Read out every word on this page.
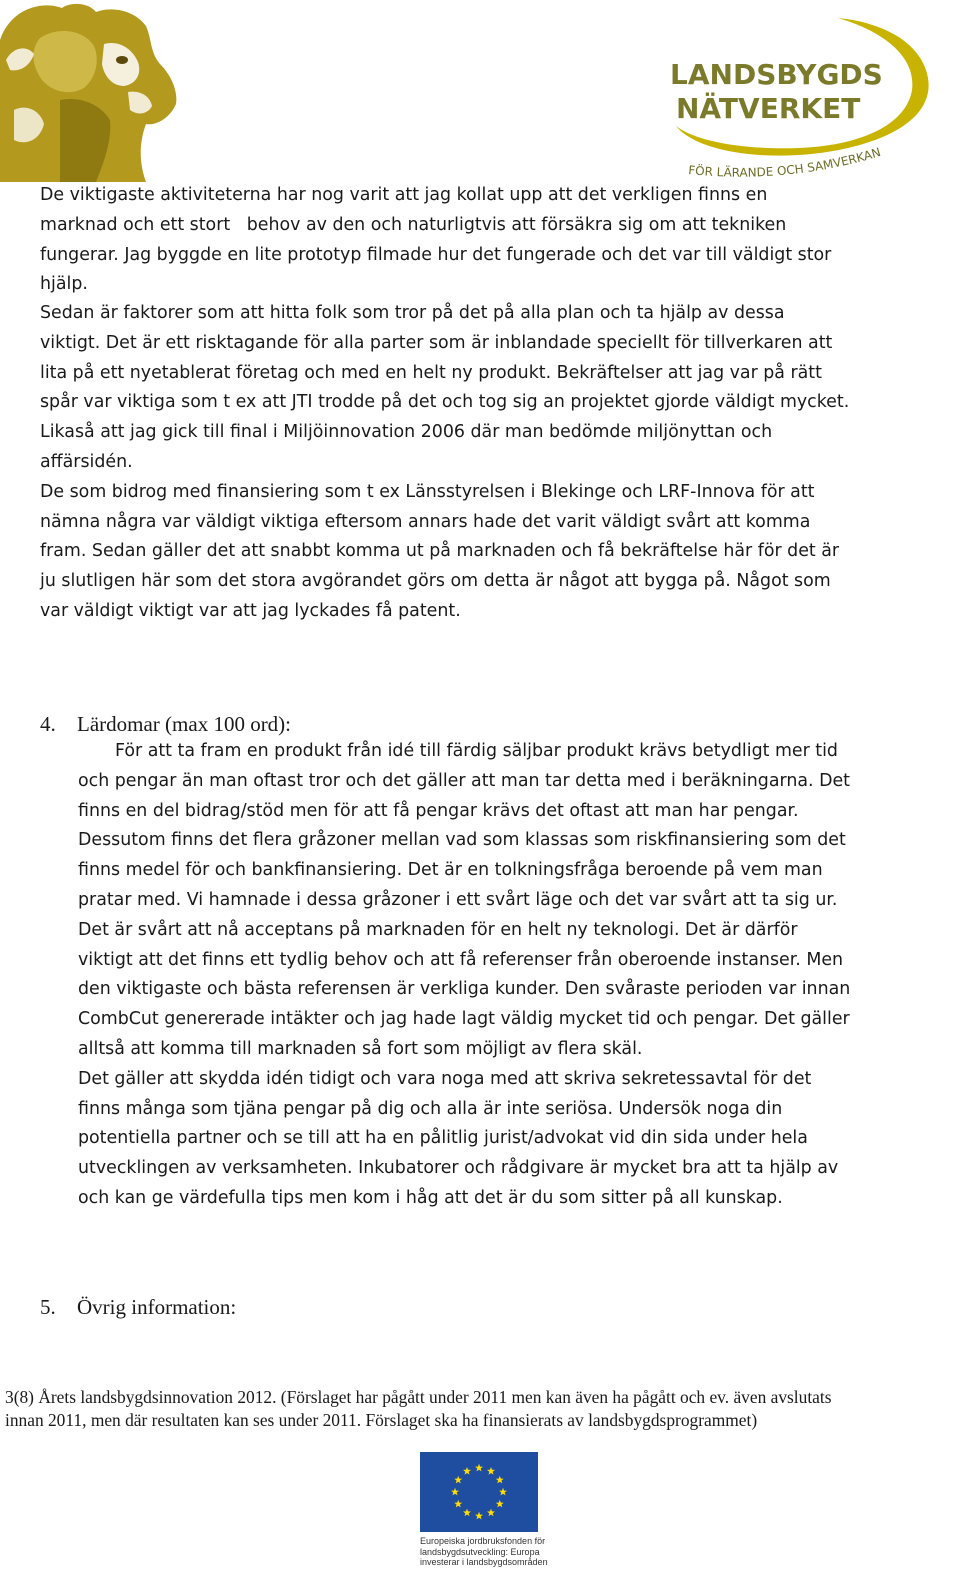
LANDSBYGDS
NÄTVERKET
FÖR LÄRANDE OCH SAMVERKAN
De viktigaste aktiviteterna har nog varit att jag kollat upp att det verkligen finns en
marknad och ett stort   behov av den och naturligtvis att försäkra sig om att tekniken
fungerar. Jag byggde en lite prototyp filmade hur det fungerade och det var till väldigt stor
hjälp.
Sedan är faktorer som att hitta folk som tror på det på alla plan och ta hjälp av dessa
viktigt. Det är ett risktagande för alla parter som är inblandade speciellt för tillverkaren att
lita på ett nyetablerat företag och med en helt ny produkt. Bekräftelser att jag var på rätt
spår var viktiga som t ex att JTI trodde på det och tog sig an projektet gjorde väldigt mycket.
Likaså att jag gick till final i Miljöinnovation 2006 där man bedömde miljönyttan och
affärsidén.
De som bidrog med finansiering som t ex Länsstyrelsen i Blekinge och LRF-Innova för att
nämna några var väldigt viktiga eftersom annars hade det varit väldigt svårt att komma
fram. Sedan gäller det att snabbt komma ut på marknaden och få bekräftelse här för det är
ju slutligen här som det stora avgörandet görs om detta är något att bygga på. Något som
var väldigt viktigt var att jag lyckades få patent.
4. Lärdomar (max 100 ord):
För att ta fram en produkt från idé till färdig säljbar produkt krävs betydligt mer tid
och pengar än man oftast tror och det gäller att man tar detta med i beräkningarna. Det
finns en del bidrag/stöd men för att få pengar krävs det oftast att man har pengar.
Dessutom finns det flera gråzoner mellan vad som klassas som riskfinansiering som det
finns medel för och bankfinansiering. Det är en tolkningsfråga beroende på vem man
pratar med. Vi hamnade i dessa gråzoner i ett svårt läge och det var svårt att ta sig ur.
Det är svårt att nå acceptans på marknaden för en helt ny teknologi. Det är därför
viktigt att det finns ett tydlig behov och att få referenser från oberoende instanser. Men
den viktigaste och bästa referensen är verkliga kunder. Den svåraste perioden var innan
CombCut genererade intäkter och jag hade lagt väldig mycket tid och pengar. Det gäller
alltså att komma till marknaden så fort som möjligt av flera skäl.
Det gäller att skydda idén tidigt och vara noga med att skriva sekretessavtal för det
finns många som tjäna pengar på dig och alla är inte seriösa. Undersök noga din
potentiella partner och se till att ha en pålitlig jurist/advokat vid din sida under hela
utvecklingen av verksamheten. Inkubatorer och rådgivare är mycket bra att ta hjälp av
och kan ge värdefulla tips men kom i håg att det är du som sitter på all kunskap.
5. Övrig information:
3(8) Årets landsbygdsinnovation 2012. (Förslaget har pågått under 2011 men kan även ha pågått och ev. även avslutats
innan 2011, men där resultaten kan ses under 2011. Förslaget ska ha finansierats av landsbygdsprogrammet)
Europeiska jordbruksfonden för
landsbygdsutveckling: Europa
investerar i landsbygdsområden
